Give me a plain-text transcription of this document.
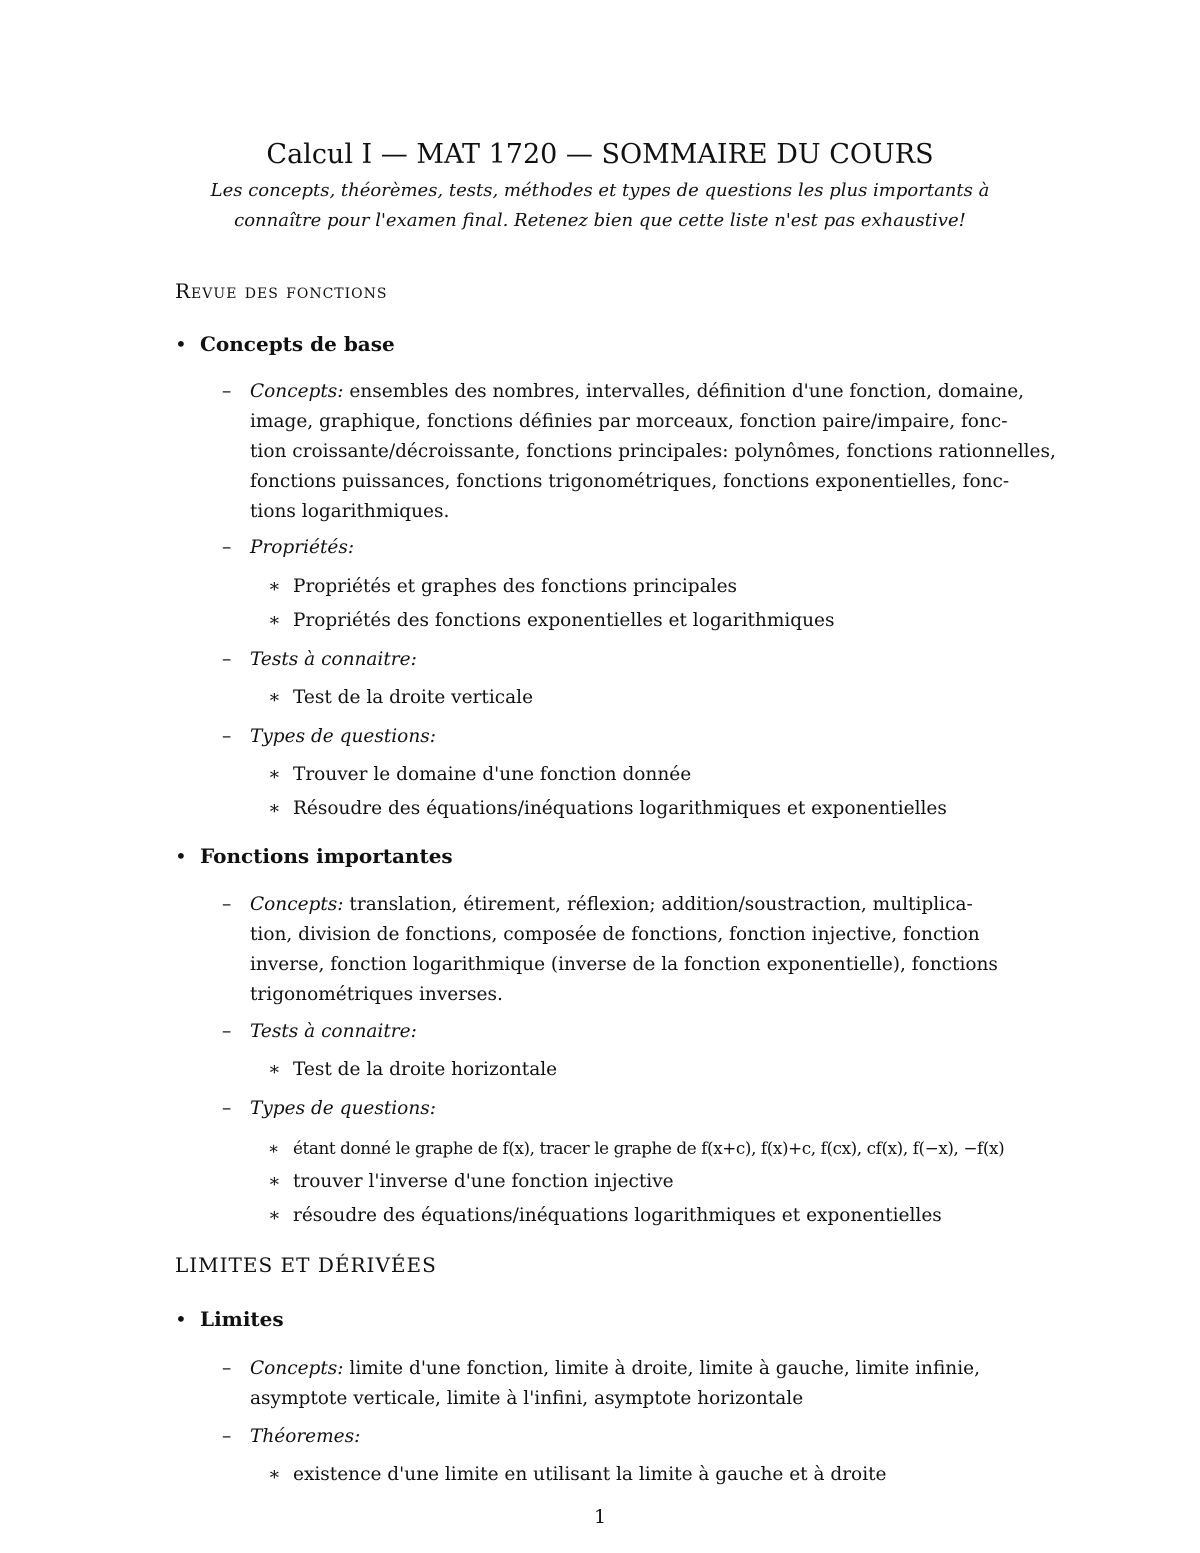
Calcul I — MAT 1720 — SOMMAIRE DU COURS
Les concepts, théorèmes, tests, méthodes et types de questions les plus importants à
connaître pour l'examen final. Retenez bien que cette liste n'est pas exhaustive!
Revue des fonctions
• Concepts de base
– Concepts: ensembles des nombres, intervalles, définition d'une fonction, domaine,
image, graphique, fonctions définies par morceaux, fonction paire/impaire, fonc-
tion croissante/décroissante, fonctions principales: polynômes, fonctions rationnelles,
fonctions puissances, fonctions trigonométriques, fonctions exponentielles, fonc-
tions logarithmiques.
– Propriétés:
∗ Propriétés et graphes des fonctions principales
∗ Propriétés des fonctions exponentielles et logarithmiques
– Tests à connaitre:
∗ Test de la droite verticale
– Types de questions:
∗ Trouver le domaine d'une fonction donnée
∗ Résoudre des équations/inéquations logarithmiques et exponentielles
• Fonctions importantes
– Concepts: translation, étirement, réflexion; addition/soustraction, multiplica-
tion, division de fonctions, composée de fonctions, fonction injective, fonction
inverse, fonction logarithmique (inverse de la fonction exponentielle), fonctions
trigonométriques inverses.
– Tests à connaitre:
∗ Test de la droite horizontale
– Types de questions:
∗ étant donné le graphe de f(x), tracer le graphe de f(x+c), f(x)+c, f(cx), cf(x), f(−x), −f(x)
∗ trouver l'inverse d'une fonction injective
∗ résoudre des équations/inéquations logarithmiques et exponentielles
LIMITES ET DÉRIVÉES
• Limites
– Concepts: limite d'une fonction, limite à droite, limite à gauche, limite infinie,
asymptote verticale, limite à l'infini, asymptote horizontale
– Théoremes:
∗ existence d'une limite en utilisant la limite à gauche et à droite
1
